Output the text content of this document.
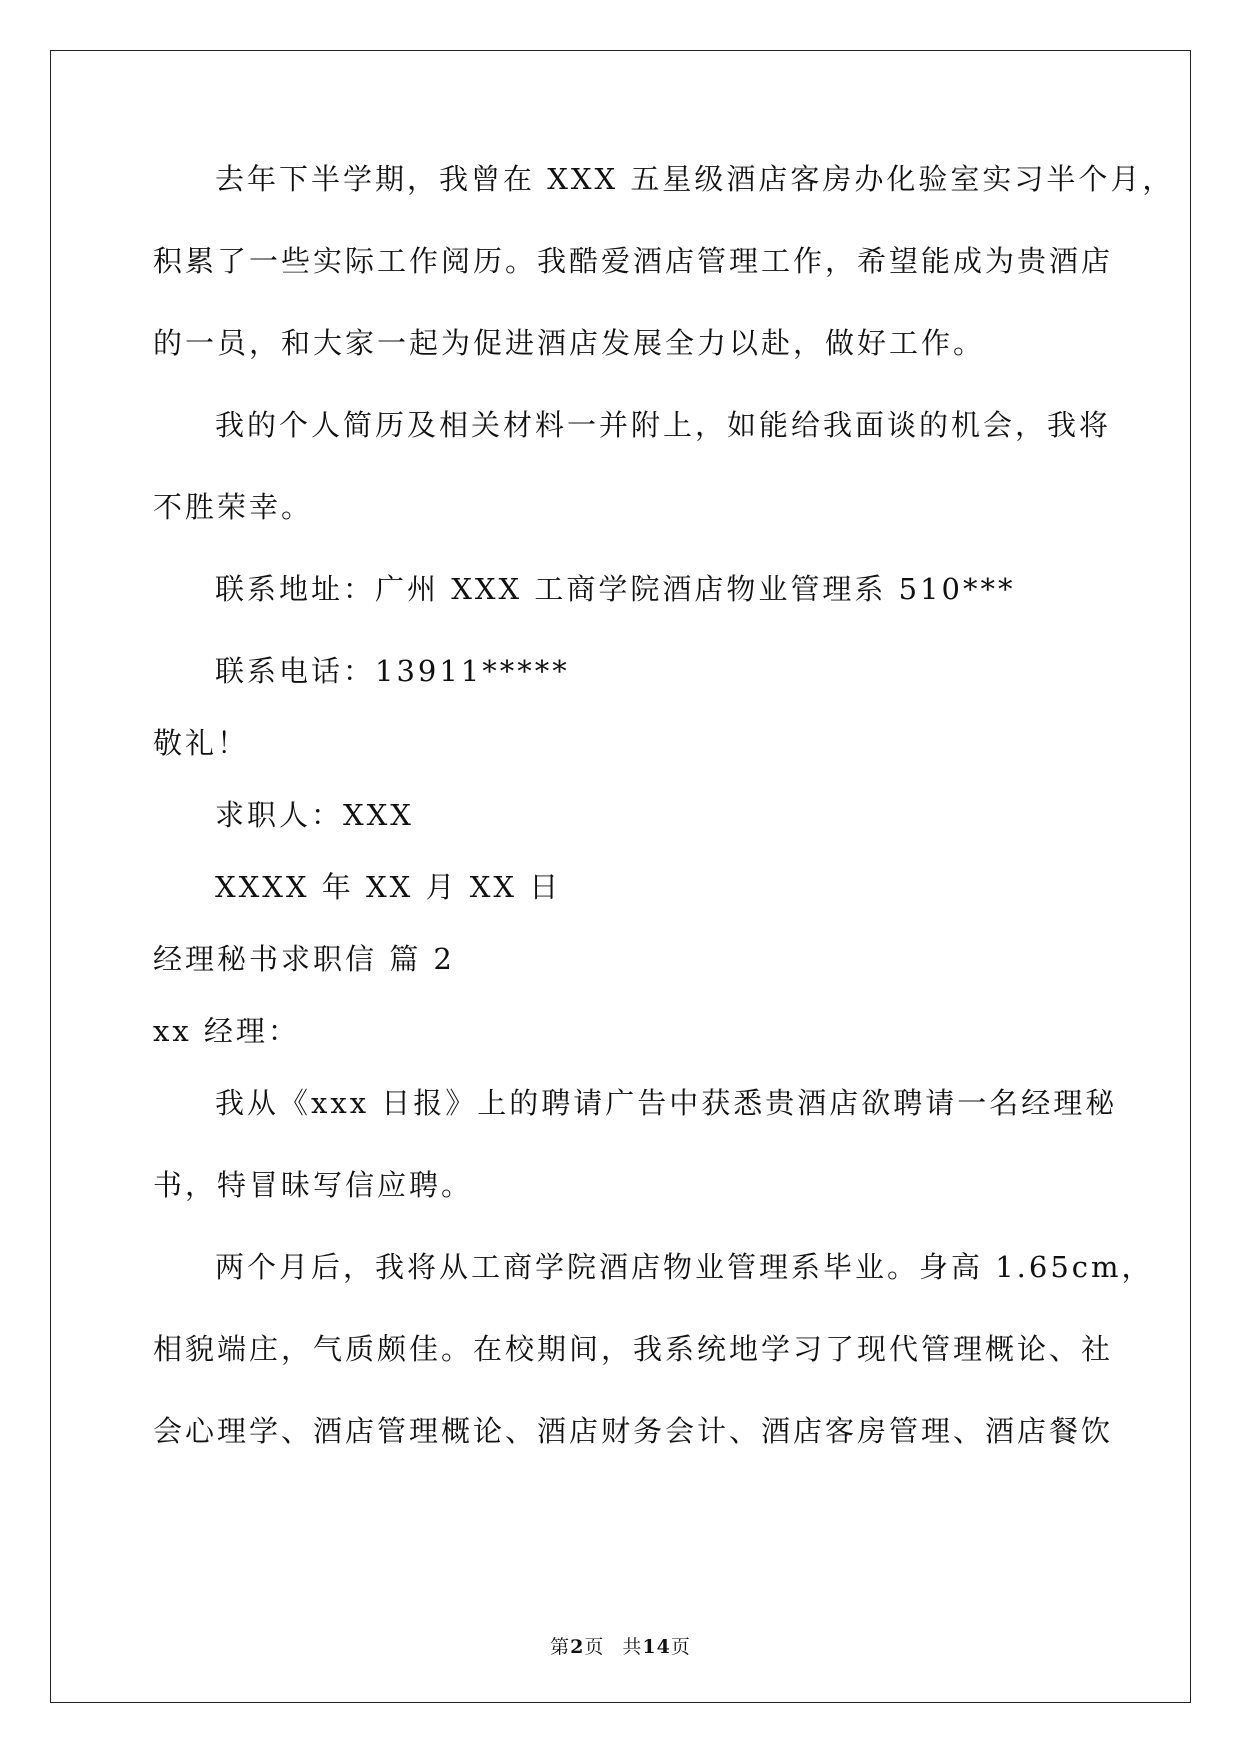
去年下半学期，我曾在 XXX 五星级酒店客房办化验室实习半个月，
积累了一些实际工作阅历。我酷爱酒店管理工作，希望能成为贵酒店
的一员，和大家一起为促进酒店发展全力以赴，做好工作。
我的个人简历及相关材料一并附上，如能给我面谈的机会，我将
不胜荣幸。
联系地址：广州 XXX 工商学院酒店物业管理系 510***
联系电话：13911*****
敬礼！
求职人：XXX
XXXX 年 XX 月 XX 日
经理秘书求职信 篇 2
xx 经理：
我从《xxx 日报》上的聘请广告中获悉贵酒店欲聘请一名经理秘
书，特冒昧写信应聘。
两个月后，我将从工商学院酒店物业管理系毕业。身高 1.65cm，
相貌端庄，气质颇佳。在校期间，我系统地学习了现代管理概论、社
会心理学、酒店管理概论、酒店财务会计、酒店客房管理、酒店餐饮
第2页 共14页
